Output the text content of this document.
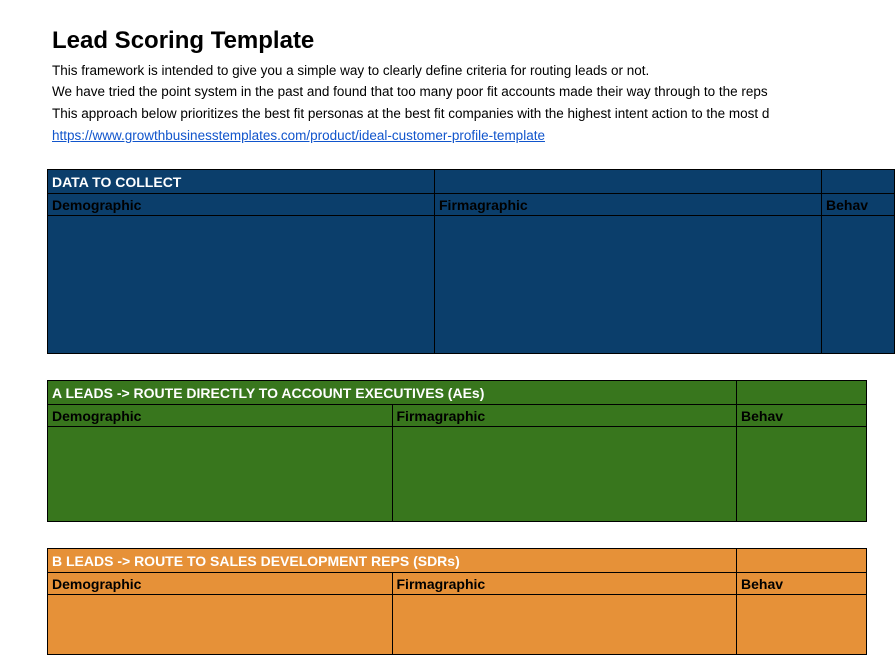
Lead Scoring Template
This framework is intended to give you a simple way to clearly define criteria for routing leads or not.
We have tried the point system in the past and found that too many poor fit accounts made their way through to the reps
This approach below prioritizes the best fit personas at the best fit companies with the highest intent action to the most d
https://www.growthbusinesstemplates.com/product/ideal-customer-profile-template
DATA TO COLLECT		
Demographic	Firmagraphic	Behav

A LEADS -> ROUTE DIRECTLY TO ACCOUNT EXECUTIVES (AEs)		
Demographic	Firmagraphic	Behav

B LEADS -> ROUTE TO SALES DEVELOPMENT REPS (SDRs)		
Demographic	Firmagraphic	Behav
